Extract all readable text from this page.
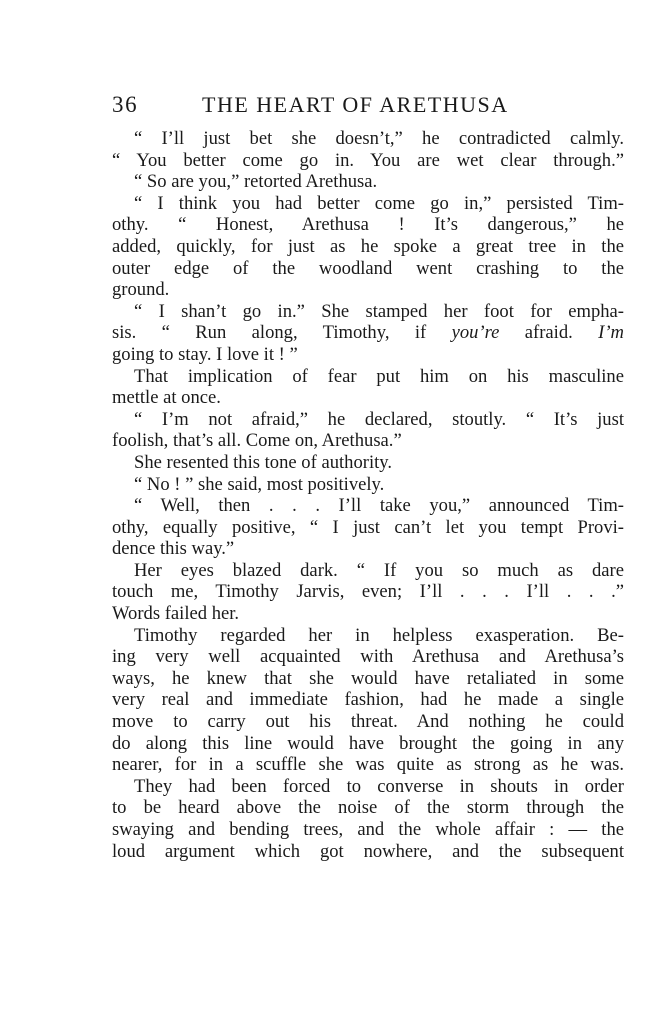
36	THE HEART OF ARETHUSA
“ I’ll just bet she doesn’t,” he contradicted calmly.
“ You better come go in. You are wet clear through.”
“ So are you,” retorted Arethusa.
“ I think you had better come go in,” persisted Tim-
othy. “ Honest, Arethusa ! It’s dangerous,” he
added, quickly, for just as he spoke a great tree in the
outer edge of the woodland went crashing to the
ground.
“ I shan’t go in.” She stamped her foot for empha-
sis. “ Run along, Timothy, if you’re afraid. I’m
going to stay. I love it ! ”
That implication of fear put him on his masculine
mettle at once.
“ I’m not afraid,” he declared, stoutly. “ It’s just
foolish, that’s all. Come on, Arethusa.”
She resented this tone of authority.
“ No ! ” she said, most positively.
“ Well, then . . . I’ll take you,” announced Tim-
othy, equally positive, “ I just can’t let you tempt Provi-
dence this way.”
Her eyes blazed dark. “ If you so much as dare
touch me, Timothy Jarvis, even; I’ll . . . I’ll . . .”
Words failed her.
Timothy regarded her in helpless exasperation. Be-
ing very well acquainted with Arethusa and Arethusa’s
ways, he knew that she would have retaliated in some
very real and immediate fashion, had he made a single
move to carry out his threat. And nothing he could
do along this line would have brought the going in any
nearer, for in a scuffle she was quite as strong as he was.
They had been forced to converse in shouts in order
to be heard above the noise of the storm through the
swaying and bending trees, and the whole affair : — the
loud argument which got nowhere, and the subsequent
